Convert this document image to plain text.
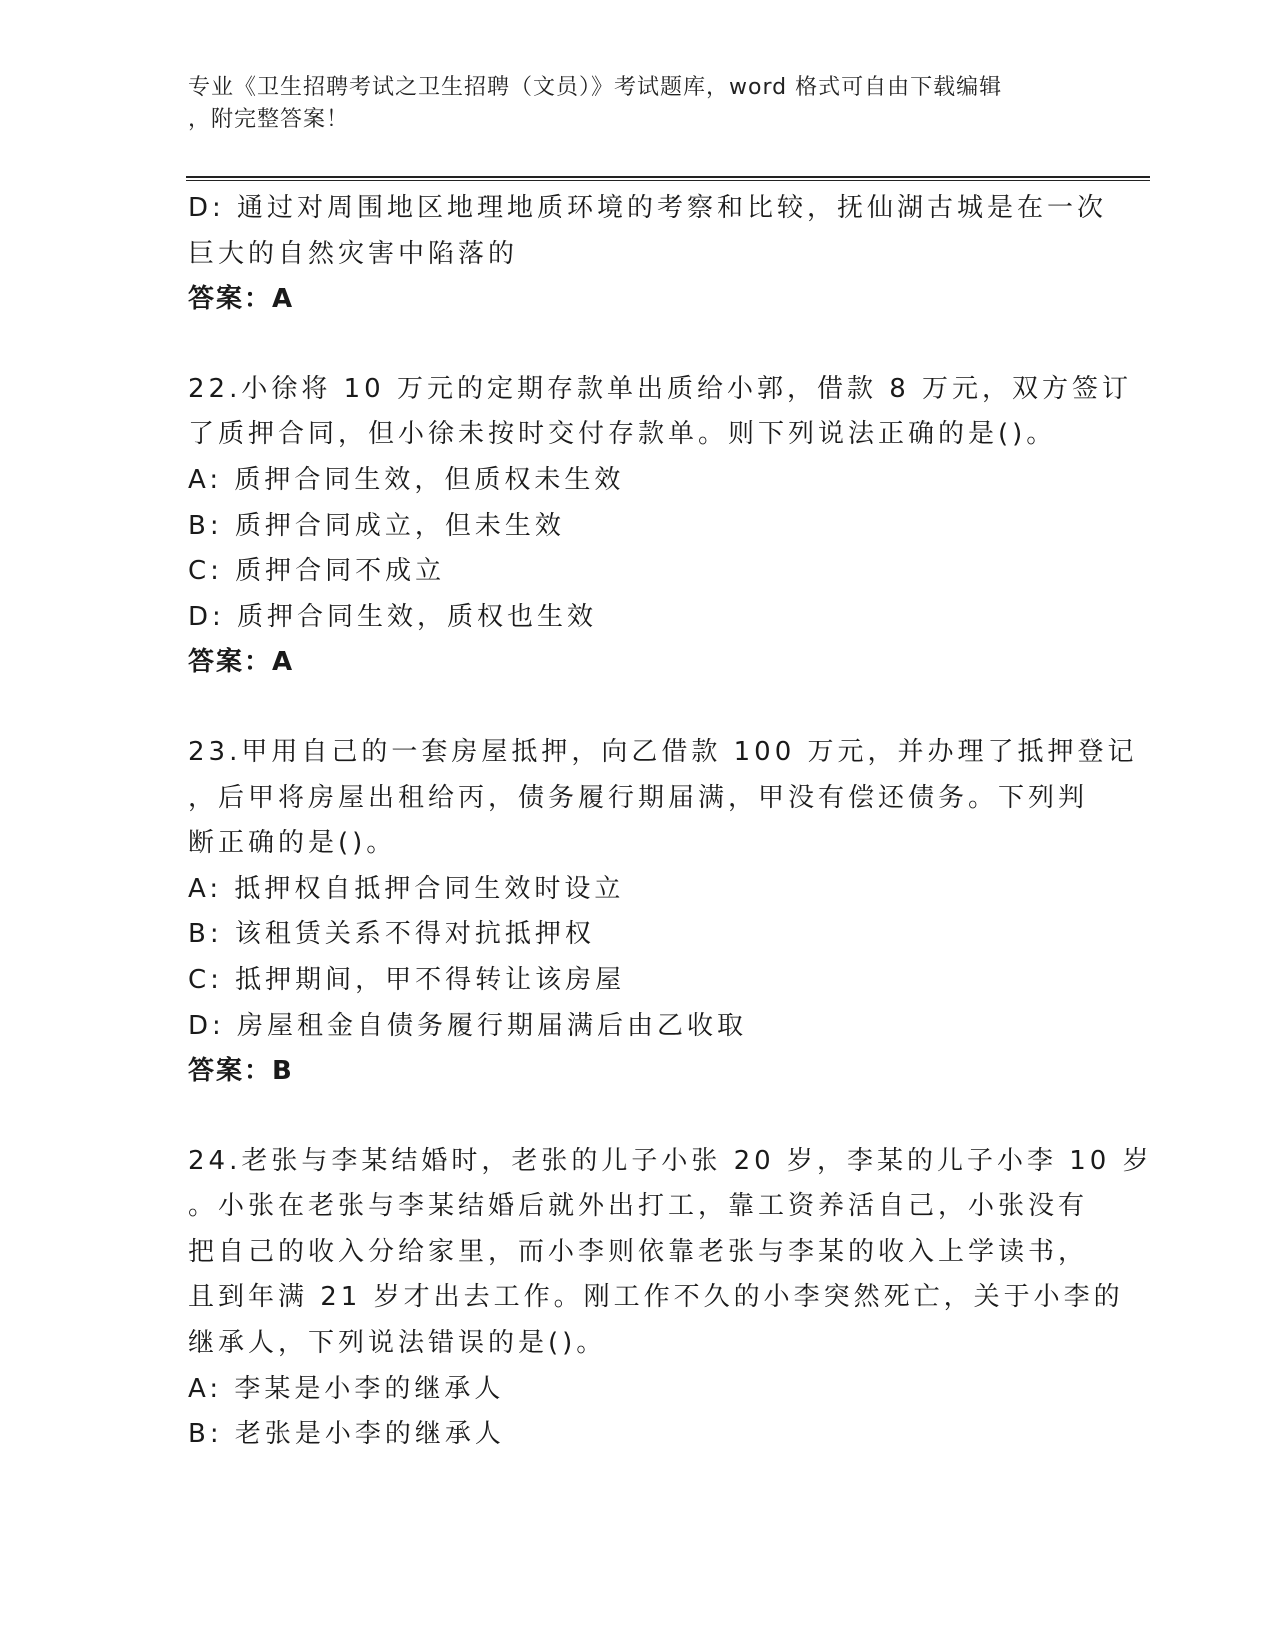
专业《卫生招聘考试之卫生招聘（文员）》考试题库，word 格式可自由下载编辑
，附完整答案！
D: 通过对周围地区地理地质环境的考察和比较，抚仙湖古城是在一次
巨大的自然灾害中陷落的
答案：A
22.小徐将 10 万元的定期存款单出质给小郭，借款 8 万元，双方签订
了质押合同，但小徐未按时交付存款单。则下列说法正确的是()。
A: 质押合同生效，但质权未生效
B: 质押合同成立，但未生效
C: 质押合同不成立
D: 质押合同生效，质权也生效
答案：A
23.甲用自己的一套房屋抵押，向乙借款 100 万元，并办理了抵押登记
，后甲将房屋出租给丙，债务履行期届满，甲没有偿还债务。下列判
断正确的是()。
A: 抵押权自抵押合同生效时设立
B: 该租赁关系不得对抗抵押权
C: 抵押期间，甲不得转让该房屋
D: 房屋租金自债务履行期届满后由乙收取
答案：B
24.老张与李某结婚时，老张的儿子小张 20 岁，李某的儿子小李 10 岁
。小张在老张与李某结婚后就外出打工，靠工资养活自己，小张没有
把自己的收入分给家里，而小李则依靠老张与李某的收入上学读书，
且到年满 21 岁才出去工作。刚工作不久的小李突然死亡，关于小李的
继承人，下列说法错误的是()。
A: 李某是小李的继承人
B: 老张是小李的继承人
